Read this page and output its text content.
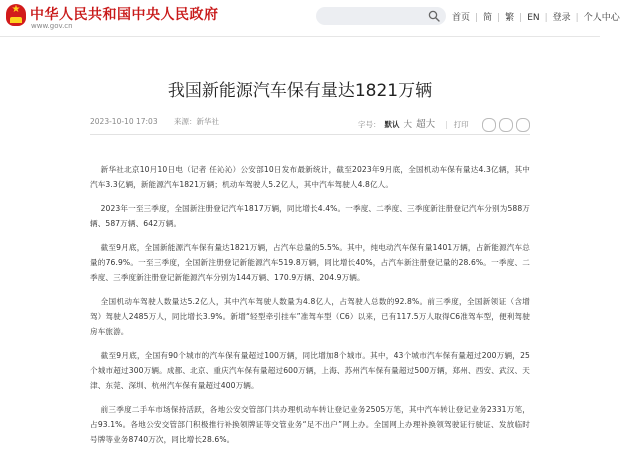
★ 中华人民共和国中央人民政府
www.gov.cn
首页 | 简 | 繁 | EN | 登录 | 个人中心
我国新能源汽车保有量达1821万辆
2023-10-10 17:03 来源：新华社	字号： 默认 大 超大 | 打印

新华社北京10月10日电（记者 任沁沁）公安部10日发布最新统计，截至2023年9月底，全国机动车保有量达4.3亿辆，其中汽车3.3亿辆，新能源汽车1821万辆；机动车驾驶人5.2亿人，其中汽车驾驶人4.8亿人。

2023年一至三季度，全国新注册登记汽车1817万辆，同比增长4.4%。一季度、二季度、三季度新注册登记汽车分别为588万辆、587万辆、642万辆。

截至9月底，全国新能源汽车保有量达1821万辆，占汽车总量的5.5%。其中，纯电动汽车保有量1401万辆，占新能源汽车总量的76.9%。一至三季度，全国新注册登记新能源汽车519.8万辆，同比增长40%，占汽车新注册登记量的28.6%。一季度、二季度、三季度新注册登记新能源汽车分别为144万辆、170.9万辆、204.9万辆。

全国机动车驾驶人数量达5.2亿人，其中汽车驾驶人数量为4.8亿人，占驾驶人总数的92.8%。前三季度，全国新领证（含增驾）驾驶人2485万人，同比增长3.9%。新增“轻型牵引挂车”准驾车型（C6）以来，已有117.5万人取得C6准驾车型，便利驾驶房车旅游。

截至9月底，全国有90个城市的汽车保有量超过100万辆，同比增加8个城市。其中，43个城市汽车保有量超过200万辆，25个城市超过300万辆。成都、北京、重庆汽车保有量超过600万辆，上海、苏州汽车保有量超过500万辆，郑州、西安、武汉、天津、东莞、深圳、杭州汽车保有量超过400万辆。

前三季度二手车市场保持活跃，各地公安交管部门共办理机动车转让登记业务2505万笔，其中汽车转让登记业务2331万笔，占93.1%。各地公安交管部门积极推行补换领牌证等交管业务“足不出户”网上办。全国网上办理补换领驾驶证行驶证、发放临时号牌等业务8740万次，同比增长28.6%。
